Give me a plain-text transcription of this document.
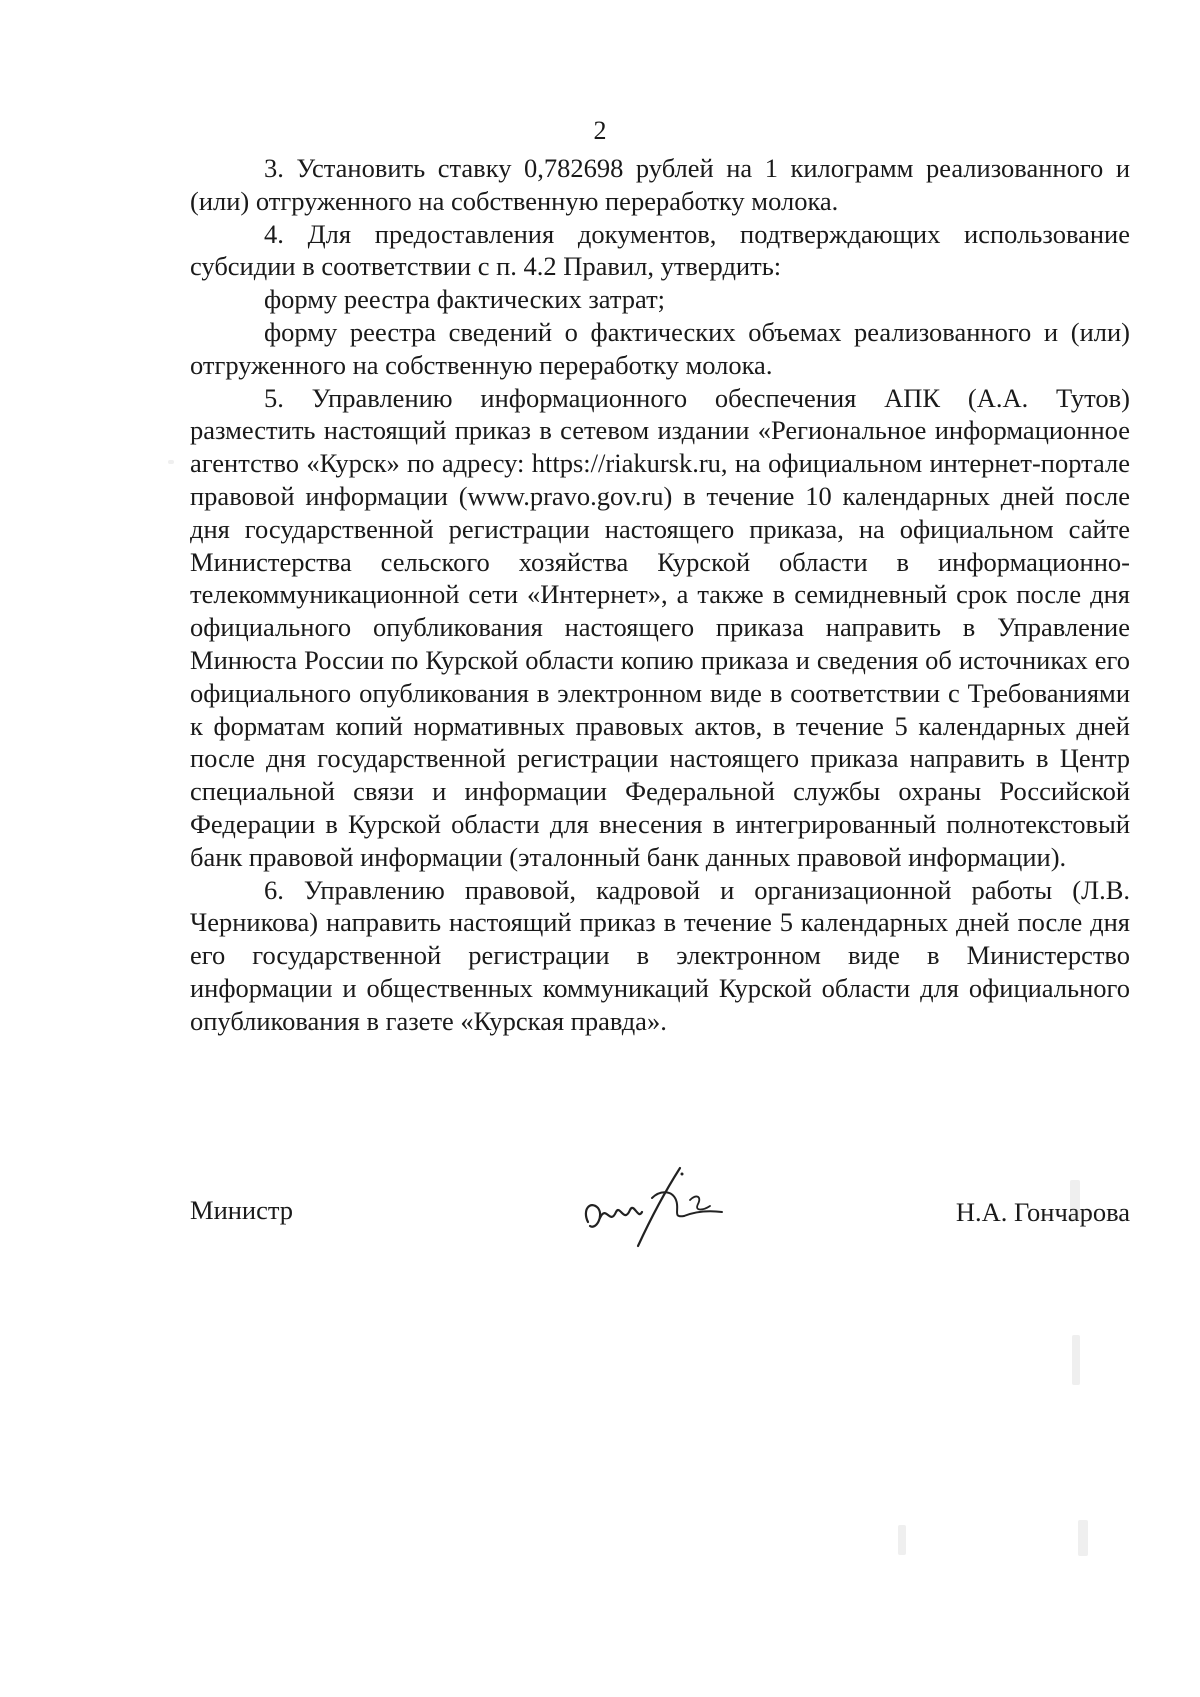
2

3. Установить ставку 0,782698 рублей на 1 килограмм реализованного и (или) отгруженного на собственную переработку молока.

4. Для предоставления документов, подтверждающих использование субсидии в соответствии с п. 4.2 Правил, утвердить:

форму реестра фактических затрат;

форму реестра сведений о фактических объемах реализованного и (или) отгруженного на собственную переработку молока.

5. Управлению информационного обеспечения АПК (А.А. Тутов) разместить настоящий приказ в сетевом издании «Региональное информационное агентство «Курск» по адресу: https://riakursk.ru, на официальном интернет-портале правовой информации (www.pravo.gov.ru) в течение 10 календарных дней после дня государственной регистрации настоящего приказа, на официальном сайте Министерства сельского хозяйства Курской области в информационно-телекоммуникационной сети «Интернет», а также в семидневный срок после дня официального опубликования настоящего приказа направить в Управление Минюста России по Курской области копию приказа и сведения об источниках его официального опубликования в электронном виде в соответствии с Требованиями к форматам копий нормативных правовых актов, в течение 5 календарных дней после дня государственной регистрации настоящего приказа направить в Центр специальной связи и информации Федеральной службы охраны Российской Федерации в Курской области для внесения в интегрированный полнотекстовый банк правовой информации (эталонный банк данных правовой информации).

6. Управлению правовой, кадровой и организационной работы (Л.В. Черникова) направить настоящий приказ в течение 5 календарных дней после дня его государственной регистрации в электронном виде в Министерство информации и общественных коммуникаций Курской области для официального опубликования в газете «Курская правда».

Министр	Н.А. Гончарова
